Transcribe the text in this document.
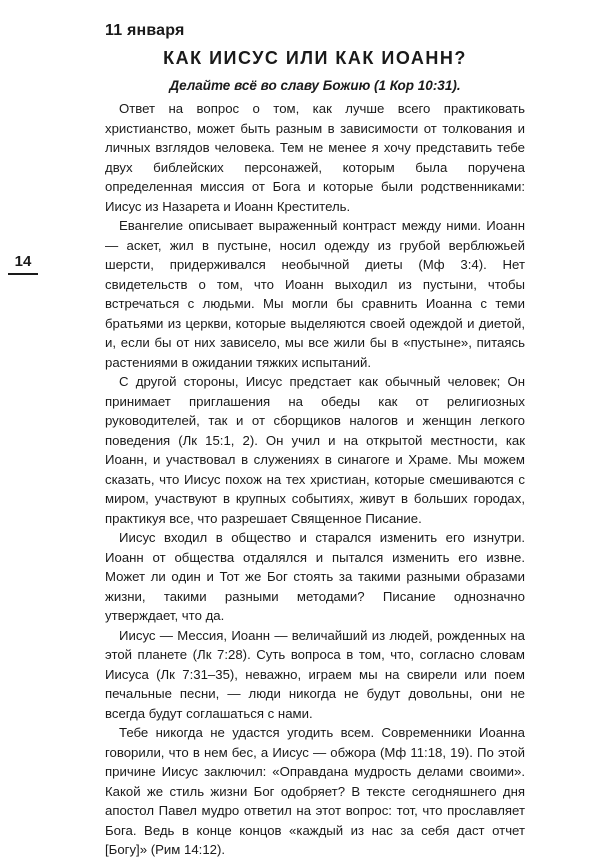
11 января
КАК ИИСУС ИЛИ КАК ИОАНН?
Делайте всё во славу Божию (1 Кор 10:31).
14

Ответ на вопрос о том, как лучше всего практиковать христианство, может быть разным в зависимости от толкования и личных взглядов человека. Тем не менее я хочу представить тебе двух библейских персонажей, которым была поручена определенная миссия от Бога и которые были родственниками: Иисус из Назарета и Иоанн Креститель.

Евангелие описывает выраженный контраст между ними. Иоанн — аскет, жил в пустыне, носил одежду из грубой верблюжьей шерсти, придерживался необычной диеты (Мф 3:4). Нет свидетельств о том, что Иоанн выходил из пустыни, чтобы встречаться с людьми. Мы могли бы сравнить Иоанна с теми братьями из церкви, которые выделяются своей одеждой и диетой, и, если бы от них зависело, мы все жили бы в «пустыне», питаясь растениями в ожидании тяжких испытаний.

С другой стороны, Иисус предстает как обычный человек; Он принимает приглашения на обеды как от религиозных руководителей, так и от сборщиков налогов и женщин легкого поведения (Лк 15:1, 2). Он учил и на открытой местности, как Иоанн, и участвовал в служениях в синагоге и Храме. Мы можем сказать, что Иисус похож на тех христиан, которые смешиваются с миром, участвуют в крупных событиях, живут в больших городах, практикуя все, что разрешает Священное Писание.

Иисус входил в общество и старался изменить его изнутри. Иоанн от общества отдалялся и пытался изменить его извне. Может ли один и Тот же Бог стоять за такими разными образами жизни, такими разными методами? Писание однозначно утверждает, что да.

Иисус — Мессия, Иоанн — величайший из людей, рожденных на этой планете (Лк 7:28). Суть вопроса в том, что, согласно словам Иисуса (Лк 7:31–35), неважно, играем мы на свирели или поем печальные песни, — люди никогда не будут довольны, они не всегда будут соглашаться с нами.

Тебе никогда не удастся угодить всем. Современники Иоанна говорили, что в нем бес, а Иисус — обжора (Мф 11:18, 19). По этой причине Иисус заключил: «Оправдана мудрость делами своими». Какой же стиль жизни Бог одобряет? В тексте сегодняшнего дня апостол Павел мудро ответил на этот вопрос: тот, что прославляет Бога. Ведь в конце концов «каждый из нас за себя даст отчет [Богу]» (Рим 14:12).
